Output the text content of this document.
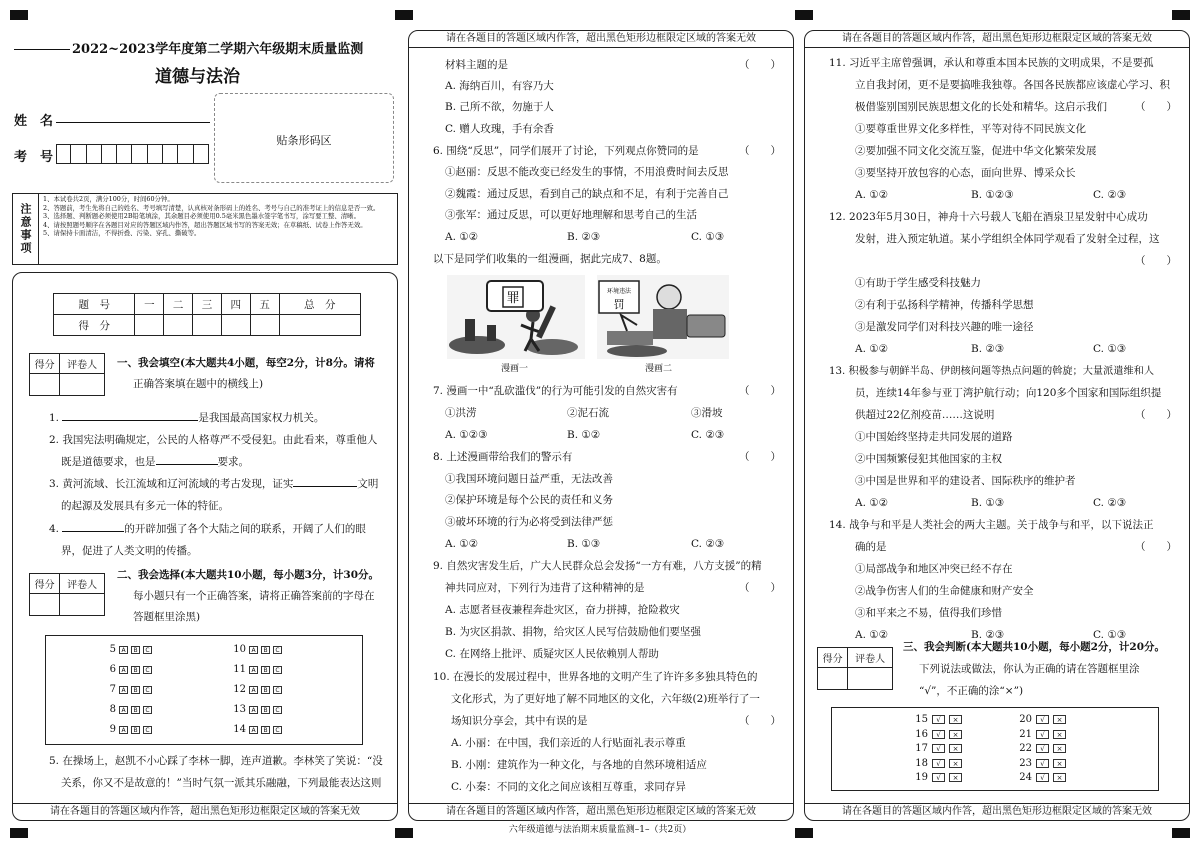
2022~2023学年度第二学期六年级期末质量监测
道德与法治
姓　名
考　号
贴条形码区
注意事项
1、本试卷共2页，满分100分，时间60分钟。
2、答题前，考生先将自己的姓名、考号填写清楚，认真核对条形码上的姓名、考号与自己的准考证上的信息是否一致。
3、选择题、判断题必须使用2B铅笔填涂，其余题目必须使用0.5毫米黑色墨水签字笔书写，涂写要工整、清晰。
4、请按照题号顺序在各题目对应的答题区域内作答，超出答题区域书写的答案无效；在草稿纸、试卷上作答无效。
5、请保持卡面清洁，不得折叠、污染、穿孔、撕破等。
请在各题目的答题区域内作答，超出黑色矩形边框限定区域的答案无效
题　号	一	二	三	四	五	总　分
得　分						
得分	评卷人
	一、我会填空(本大题共4小题，每空2分，计8分。请将
正确答案填在题中的横线上)
1.	是我国最高国家权力机关。
2. 我国宪法明确规定，公民的人格尊严不受侵犯。由此看来，尊重他人
既是道德要求，也是	要求。
3. 黄河流域、长江流域和辽河流域的考古发现，证实	文明
的起源及发展具有多元一体的特征。
4.	的开辟加强了各个大陆之间的联系，开阔了人们的眼
界，促进了人类文明的传播。
得分	评卷人

二、我会选择(本大题共10小题，每小题3分，计30分。
每小题只有一个正确答案，请将正确答案前的字母在
答题框里涂黑)
5 A B C
6 A B C
7 A B C
8 A B C
9 A B C
10 A B C
11 A B C
12 A B C
13 A B C
14 A B C
5. 在操场上，赵凯不小心踩了李林一脚，连声道歉。李林笑了笑说：“没
关系，你又不是故意的！”当时气氛一派其乐融融，下列最能表达这则
请在各题目的答题区域内作答，超出黑色矩形边框限定区域的答案无效
请在各题目的答题区域内作答，超出黑色矩形边框限定区域的答案无效
材料主题的是	（　　）
A. 海纳百川，有容乃大
B. 己所不欲，勿施于人
C. 赠人玫瑰，手有余香
6. 围绕“反思”，同学们展开了讨论，下列观点你赞同的是	（　　）
①赵丽：反思不能改变已经发生的事情，不用浪费时间去反思
②魏霞：通过反思，看到自己的缺点和不足，有利于完善自己
③张军：通过反思，可以更好地理解和思考自己的生活
A. ①②	B. ②③	C. ①③
以下是同学们收集的一组漫画，据此完成7、8题。
罪
漫画一
环境违法
罚
漫画二
7. 漫画一中“乱砍滥伐”的行为可能引发的自然灾害有	（　　）
①洪涝	②泥石流	③滑坡
A. ①②③	B. ①②	C. ②③
8. 上述漫画带给我们的警示有	（　　）
①我国环境问题日益严重，无法改善
②保护环境是每个公民的责任和义务
③破坏环境的行为必将受到法律严惩
A. ①②	B. ①③	C. ②③
9. 自然灾害发生后，广大人民群众总会发扬“一方有难，八方支援”的精
神共同应对，下列行为违背了这种精神的是	（　　）
A. 志愿者昼夜兼程奔赴灾区，奋力拼搏，抢险救灾
B. 为灾区捐款、捐物，给灾区人民写信鼓励他们要坚强
C. 在网络上批评、质疑灾区人民依赖别人帮助
10. 在漫长的发展过程中，世界各地的文明产生了许许多多独具特色的
文化形式，为了更好地了解不同地区的文化，六年级(2)班举行了一
场知识分享会，其中有误的是	（　　）
A. 小丽：在中国，我们亲近的人行贴面礼表示尊重
B. 小刚：建筑作为一种文化，与各地的自然环境相适应
C. 小秦：不同的文化之间应该相互尊重，求同存异
六年级道德与法治期末质量监测–1–（共2页）
请在各题目的答题区域内作答，超出黑色矩形边框限定区域的答案无效
请在各题目的答题区域内作答，超出黑色矩形边框限定区域的答案无效
11. 习近平主席曾强调，承认和尊重本国本民族的文明成果，不是要孤
立自我封闭，更不是要搞唯我独尊。各国各民族都应该虚心学习、积
极借鉴别国别民族思想文化的长处和精华。这启示我们	（　　）
①要尊重世界文化多样性，平等对待不同民族文化
②要加强不同文化交流互鉴，促进中华文化繁荣发展
③要坚持开放包容的心态，面向世界、博采众长
A. ①②	B. ①②③	C. ②③
12. 2023年5月30日，神舟十六号载人飞船在酒泉卫星发射中心成功
发射，进入预定轨道。某小学组织全体同学观看了发射全过程，这
（　　）
①有助于学生感受科技魅力
②有利于弘扬科学精神，传播科学思想
③是激发同学们对科技兴趣的唯一途径
A. ①②	B. ②③	C. ①③
13. 积极参与朝鲜半岛、伊朗核问题等热点问题的斡旋；大量派遣维和人
员，连续14年参与亚丁湾护航行动；向120多个国家和国际组织提
供超过22亿剂疫苗……这说明	（　　）
①中国始终坚持走共同发展的道路
②中国频繁侵犯其他国家的主权
③中国是世界和平的建设者、国际秩序的维护者
A. ①②	B. ①③	C. ②③
14. 战争与和平是人类社会的两大主题。关于战争与和平，以下说法正
确的是	（　　）
①局部战争和地区冲突已经不存在
②战争伤害人们的生命健康和财产安全
③和平来之不易，值得我们珍惜
A. ①②	B. ②③	C. ①③
得分	评卷人

三、我会判断(本大题共10小题，每小题2分，计20分。
下列说法或做法，你认为正确的请在答题框里涂
“√”，不正确的涂“×”)
15 √ ×
16 √ ×
17 √ ×
18 √ ×
19 √ ×
20 √ ×
21 √ ×
22 √ ×
23 √ ×
24 √ ×
